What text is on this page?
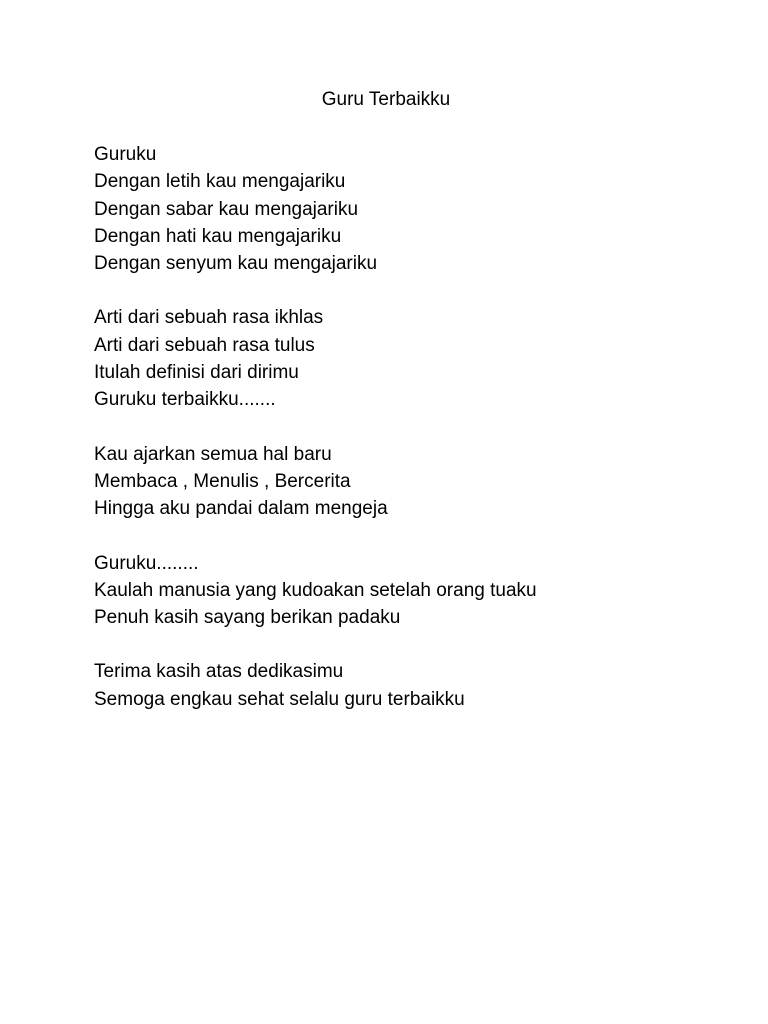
Guru Terbaikku
Guruku
Dengan letih kau mengajariku
Dengan sabar kau mengajariku
Dengan hati kau mengajariku
Dengan senyum kau mengajariku
Arti dari sebuah rasa ikhlas
Arti dari sebuah rasa tulus
Itulah definisi dari dirimu
Guruku terbaikku.......
Kau ajarkan semua hal baru
Membaca , Menulis , Bercerita
Hingga aku pandai dalam mengeja
Guruku........
Kaulah manusia yang kudoakan setelah orang tuaku
Penuh kasih sayang berikan padaku
Terima kasih atas dedikasimu
Semoga engkau sehat selalu guru terbaikku
